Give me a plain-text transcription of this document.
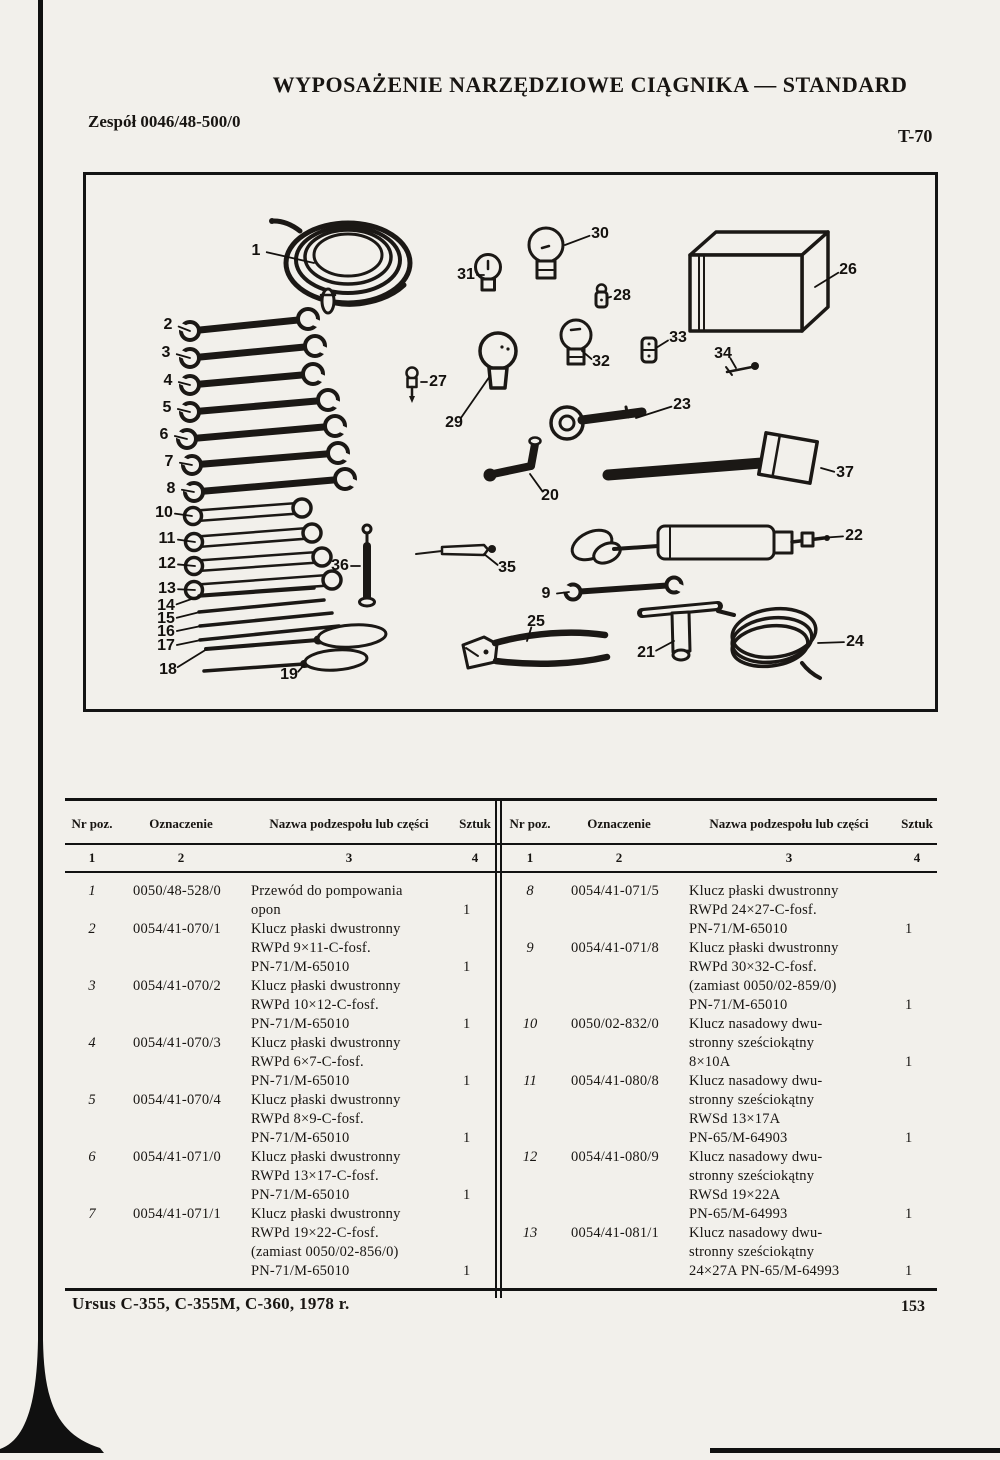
WYPOSAŻENIE NARZĘDZIOWE CIĄGNIKA — STANDARD
Zespół 0046/48-500/0
T-70
1
2
3
4
5
6
7
8
10
11
12
13
14
15
16
17
18	19
36
9
35
20
21
22
23
24
25
26
27
28
29
30
31
32
33
34
37
Nr poz.	Oznaczenie	Nazwa podzespołu lub części	Sztuk	Nr poz.	Oznaczenie	Nazwa podzespołu lub części	Sztuk
1	2	3	4	1	2	3	4
1	0050/48-528/0	Przewód do pompowania
opon	1
2	0054/41-070/1	Klucz płaski dwustronny
RWPd 9×11-C-fosf.
PN-71/M-65010	1
3	0054/41-070/2	Klucz płaski dwustronny
RWPd 10×12-C-fosf.
PN-71/M-65010	1
4	0054/41-070/3	Klucz płaski dwustronny
RWPd 6×7-C-fosf.
PN-71/M-65010	1
5	0054/41-070/4	Klucz płaski dwustronny
RWPd 8×9-C-fosf.
PN-71/M-65010	1
6	0054/41-071/0	Klucz płaski dwustronny
RWPd 13×17-C-fosf.
PN-71/M-65010	1
7	0054/41-071/1	Klucz płaski dwustronny
RWPd 19×22-C-fosf.
(zamiast 0050/02-856/0)
PN-71/M-65010	1
8	0054/41-071/5	Klucz płaski dwustronny
RWPd 24×27-C-fosf.
PN-71/M-65010	1
9	0054/41-071/8	Klucz płaski dwustronny
RWPd 30×32-C-fosf.
(zamiast 0050/02-859/0)
PN-71/M-65010	1
10	0050/02-832/0	Klucz nasadowy dwu-
stronny sześciokątny
8×10A	1
11	0054/41-080/8	Klucz nasadowy dwu-
stronny sześciokątny
RWSd 13×17A
PN-65/M-64903	1
12	0054/41-080/9	Klucz nasadowy dwu-
stronny sześciokątny
RWSd 19×22A
PN-65/M-64993	1
13	0054/41-081/1	Klucz nasadowy dwu-
stronny sześciokątny
24×27A PN-65/M-64993	1
Ursus C-355, C-355M, C-360, 1978 r.	153
